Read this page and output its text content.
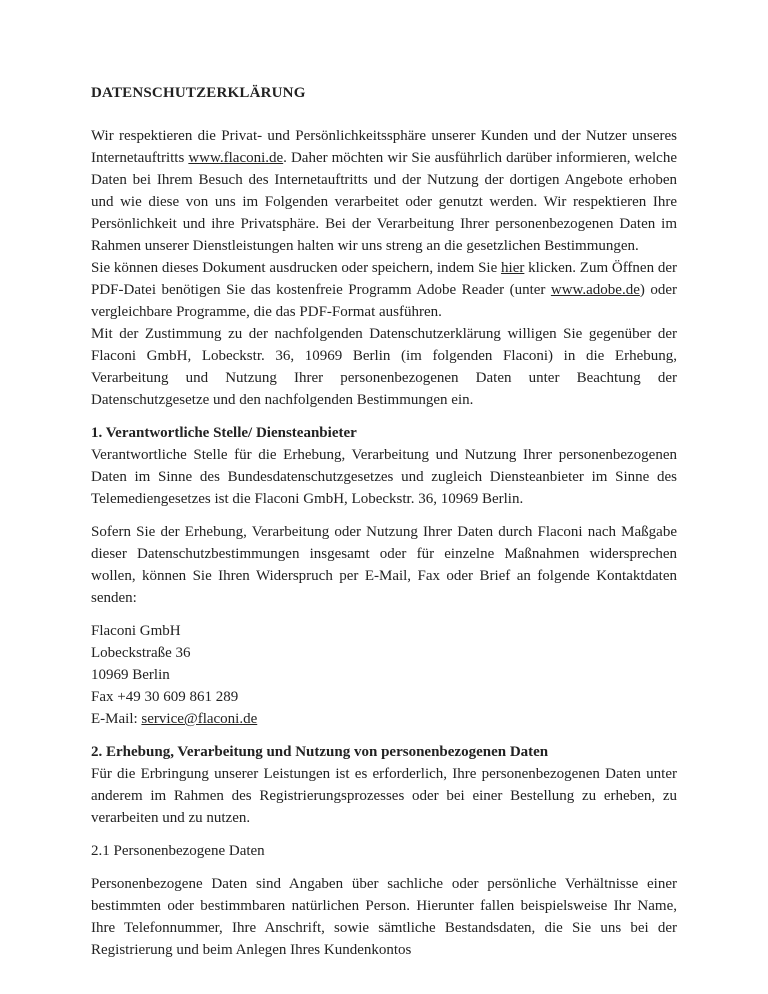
DATENSCHUTZERKLÄRUNG
Wir respektieren die Privat- und Persönlichkeitssphäre unserer Kunden und der Nutzer unseres Internetauftritts www.flaconi.de. Daher möchten wir Sie ausführlich darüber informieren, welche Daten bei Ihrem Besuch des Internetauftritts und der Nutzung der dortigen Angebote erhoben und wie diese von uns im Folgenden verarbeitet oder genutzt werden. Wir respektieren Ihre Persönlichkeit und ihre Privatsphäre. Bei der Verarbeitung Ihrer personenbezogenen Daten im Rahmen unserer Dienstleistungen halten wir uns streng an die gesetzlichen Bestimmungen.
Sie können dieses Dokument ausdrucken oder speichern, indem Sie hier klicken. Zum Öffnen der PDF-Datei benötigen Sie das kostenfreie Programm Adobe Reader (unter www.adobe.de) oder vergleichbare Programme, die das PDF-Format ausführen.
Mit der Zustimmung zu der nachfolgenden Datenschutzerklärung willigen Sie gegenüber der Flaconi GmbH, Lobeckstr. 36, 10969 Berlin (im folgenden Flaconi) in die Erhebung, Verarbeitung und Nutzung Ihrer personenbezogenen Daten unter Beachtung der Datenschutzgesetze und den nachfolgenden Bestimmungen ein.
1. Verantwortliche Stelle/ Diensteanbieter
Verantwortliche Stelle für die Erhebung, Verarbeitung und Nutzung Ihrer personenbezogenen Daten im Sinne des Bundesdatenschutzgesetzes und zugleich Diensteanbieter im Sinne des Telemediengesetzes ist die Flaconi GmbH, Lobeckstr. 36, 10969 Berlin.
Sofern Sie der Erhebung, Verarbeitung oder Nutzung Ihrer Daten durch Flaconi nach Maßgabe dieser Datenschutzbestimmungen insgesamt oder für einzelne Maßnahmen widersprechen wollen, können Sie Ihren Widerspruch per E-Mail, Fax oder Brief an folgende Kontaktdaten senden:
Flaconi GmbH
Lobeckstraße 36
10969 Berlin
Fax +49 30 609 861 289
E-Mail: service@flaconi.de
2. Erhebung, Verarbeitung und Nutzung von personenbezogenen Daten
Für die Erbringung unserer Leistungen ist es erforderlich, Ihre personenbezogenen Daten unter anderem im Rahmen des Registrierungsprozesses oder bei einer Bestellung zu erheben, zu verarbeiten und zu nutzen.
2.1 Personenbezogene Daten
Personenbezogene Daten sind Angaben über sachliche oder persönliche Verhältnisse einer bestimmten oder bestimmbaren natürlichen Person. Hierunter fallen beispielsweise Ihr Name, Ihre Telefonnummer, Ihre Anschrift, sowie sämtliche Bestandsdaten, die Sie uns bei der Registrierung und beim Anlegen Ihres Kundenkontos
